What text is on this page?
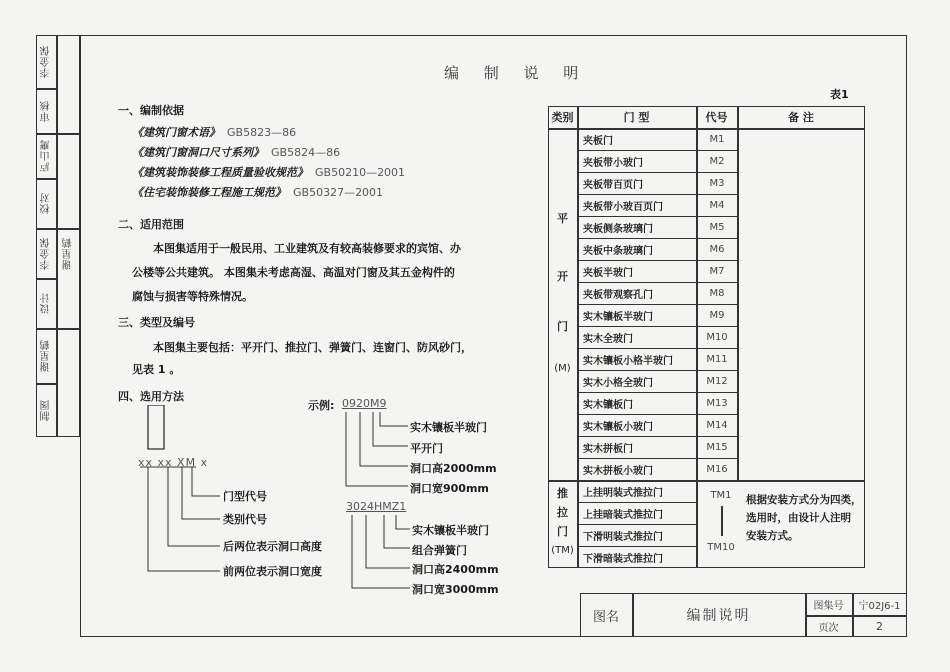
李金保
审核
庐山鹰
校对
李金保 谢星鹤
设计
谢星鹤
制图
编 制 说 明
一、编制依据
《建筑门窗术语》 GB5823—86
《建筑门窗洞口尺寸系列》 GB5824—86
《建筑装饰装修工程质量验收规范》 GB50210—2001
《住宅装饰装修工程施工规范》 GB50327—2001
二、适用范围
本图集适用于一般民用、工业建筑及有较高装修要求的宾馆、办
公楼等公共建筑。 本图集未考虑高湿、高温对门窗及其五金构件的
腐蚀与损害等特殊情况。
三、类型及编号
本图集主要包括：平开门、推拉门、弹簧门、连窗门、防风砂门，
见表 1 。
四、选用方法
xx xx XM x
门型代号
类别代号
后两位表示洞口高度
前两位表示洞口宽度
示例: 0920M9
实木镶板半玻门
平开门
洞口高2000mm
洞口宽900mm
3024HMZ1
实木镶板半玻门
组合弹簧门
洞口高2400mm
洞口宽3000mm
表1
类别	门 型	代号	备 注
平
开
门
(M)
夹板门	M1
夹板带小玻门	M2
夹板带百页门	M3
夹板带小玻百页门	M4
夹板侧条玻璃门	M5
夹板中条玻璃门	M6
夹板半玻门	M7
夹板带观察孔门	M8
实木镶板半玻门	M9
实木全玻门	M10
实木镶板小格半玻门	M11
实木小格全玻门	M12
实木镶板门	M13
实木镶板小玻门	M14
实木拼板门	M15
实木拼板小玻门	M16
推
拉
门
(TM)
上挂明装式推拉门
上挂暗装式推拉门
下滑明装式推拉门
下滑暗装式推拉门
TM1
TM10
根据安装方式分为四类，
选用时，由设计人注明
安装方式。
图名	编制说明
图集号	宁02J6-1
页次	2
